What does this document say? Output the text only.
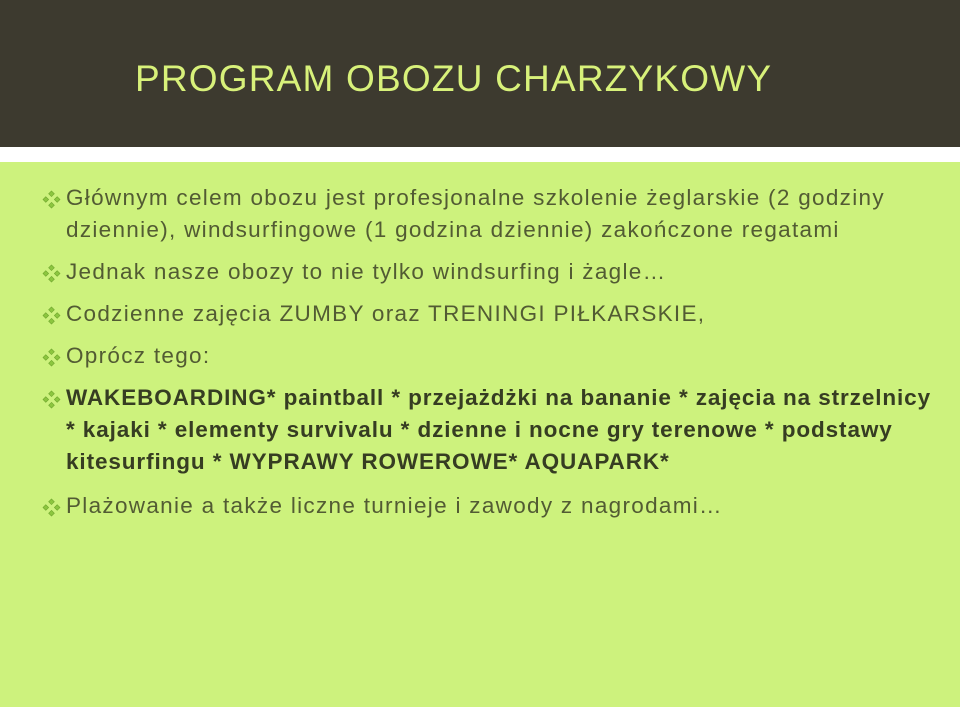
PROGRAM OBOZU CHARZYKOWY
Głównym celem obozu jest profesjonalne szkolenie żeglarskie (2 godziny dziennie), windsurfingowe (1 godzina dziennie) zakończone regatami
Jednak nasze obozy to nie tylko windsurfing i żagle…
Codzienne zajęcia ZUMBY oraz TRENINGI PIŁKARSKIE,
Oprócz tego:
WAKEBOARDING* paintball * przejażdżki na bananie * zajęcia na strzelnicy * kajaki * elementy survivalu * dzienne i nocne gry terenowe * podstawy kitesurfingu * WYPRAWY ROWEROWE* AQUAPARK*
Plażowanie a także liczne turnieje i zawody z nagrodami…
